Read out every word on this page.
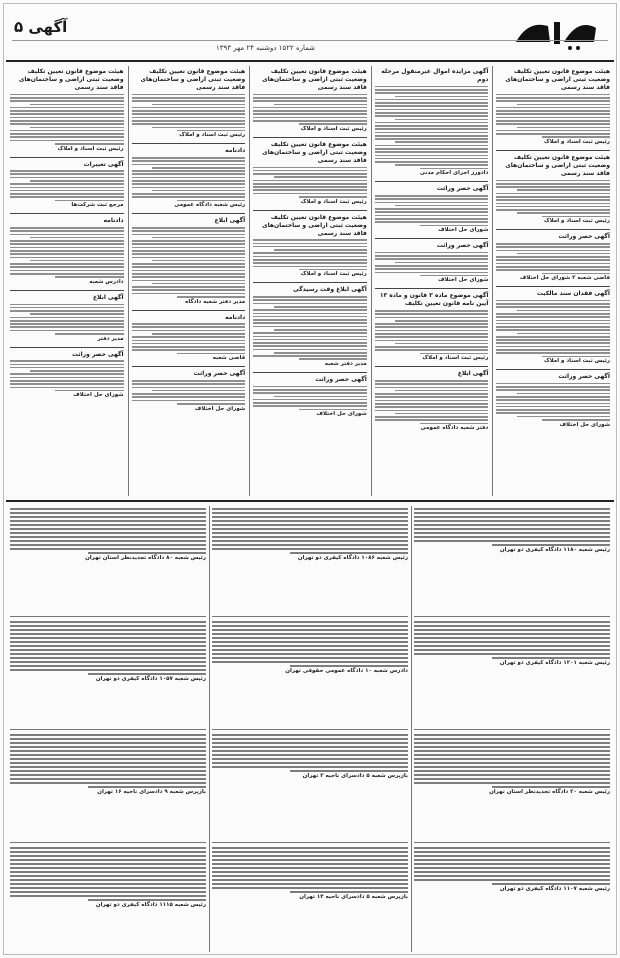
آگهی ۵
شماره ۱۵۲۲ دوشنبه ۲۴ مهر ۱۳۹۳
هیئت موضوع قانون تعیین تکلیف وضعیت ثبتی اراضی و ساختمان‌های فاقد سند رسمی
رئیس ثبت اسناد و املاک
هیئت موضوع قانون تعیین تکلیف وضعیت ثبتی اراضی و ساختمان‌های فاقد سند رسمی
رئیس ثبت اسناد و املاک
آگهی حصر وراثت
قاضی شعبه ۲ شورای حل اختلاف
آگهی فقدان سند مالکیت
رئیس ثبت اسناد و املاک
آگهی حصر وراثت
شورای حل اختلاف
آگهی مزایده اموال غیرمنقول مرحله دوم
دادورز اجرای احکام مدنی
آگهی حصر وراثت
شورای حل اختلاف
آگهی حصر وراثت
شورای حل اختلاف
آگهی موضوع ماده ۳ قانون و ماده ۱۳ آیین نامه قانون تعیین تکلیف
رئیس ثبت اسناد و املاک
آگهی ابلاغ
دفتر شعبه دادگاه عمومی
هیئت موضوع قانون تعیین تکلیف وضعیت ثبتی اراضی و ساختمان‌های فاقد سند رسمی
رئیس ثبت اسناد و املاک
هیئت موضوع قانون تعیین تکلیف وضعیت ثبتی اراضی و ساختمان‌های فاقد سند رسمی
رئیس ثبت اسناد و املاک
هیئت موضوع قانون تعیین تکلیف وضعیت ثبتی اراضی و ساختمان‌های فاقد سند رسمی
رئیس ثبت اسناد و املاک
آگهی ابلاغ وقت رسیدگی
مدیر دفتر شعبه
آگهی حصر وراثت
شورای حل اختلاف
هیئت موضوع قانون تعیین تکلیف وضعیت ثبتی اراضی و ساختمان‌های فاقد سند رسمی
رئیس ثبت اسناد و املاک
دادنامه
رئیس شعبه دادگاه عمومی
آگهی ابلاغ
مدیر دفتر شعبه دادگاه
دادنامه
قاضی شعبه
آگهی حصر وراثت
شورای حل اختلاف
هیئت موضوع قانون تعیین تکلیف وضعیت ثبتی اراضی و ساختمان‌های فاقد سند رسمی
رئیس ثبت اسناد و املاک
آگهی تغییرات
مرجع ثبت شرکت‌ها
دادنامه
دادرس شعبه
آگهی ابلاغ
مدیر دفتر
آگهی حصر وراثت
شورای حل اختلاف
رئیس شعبه ۱۱۸۰ دادگاه کیفری دو تهران
رئیس شعبه ۱۲۰۱ دادگاه کیفری دو تهران
رئیس شعبه ۲۰ دادگاه تجدیدنظر استان تهران
رئیس شعبه ۱۱۰۷ دادگاه کیفری دو تهران
رئیس شعبه ۱۰۸۶ دادگاه کیفری دو تهران
دادرس شعبه ۱۰ دادگاه عمومی حقوقی تهران
بازپرس شعبه ۵ دادسرای ناحیه ۲ تهران
بازپرس شعبه ۵ دادسرای ناحیه ۱۴ تهران
رئیس شعبه ۸۰ دادگاه تجدیدنظر استان تهران
رئیس شعبه ۱۰۵۷ دادگاه کیفری دو تهران
بازپرس شعبه ۹ دادسرای ناحیه ۱۶ تهران
رئیس شعبه ۱۱۱۵ دادگاه کیفری دو تهران
